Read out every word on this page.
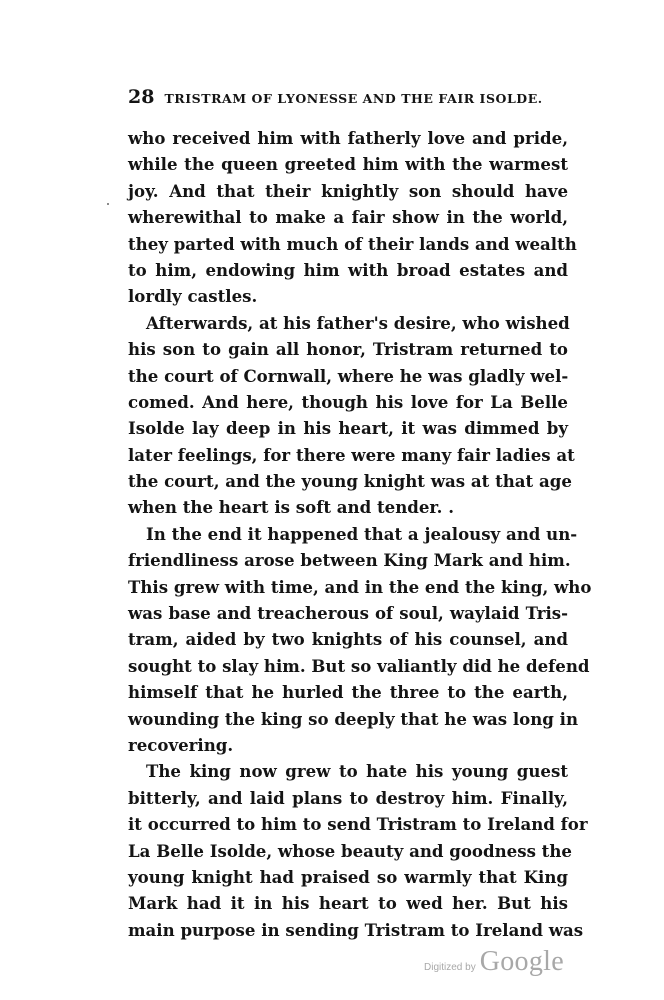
28 TRISTRAM OF LYONESSE AND THE FAIR ISOLDE.
who received him with fatherly love and pride,
while the queen greeted him with the warmest
joy. And that their knightly son should have
wherewithal to make a fair show in the world,
they parted with much of their lands and wealth
to him, endowing him with broad estates and
lordly castles.
Afterwards, at his father's desire, who wished
his son to gain all honor, Tristram returned to
the court of Cornwall, where he was gladly wel-
comed. And here, though his love for La Belle
Isolde lay deep in his heart, it was dimmed by
later feelings, for there were many fair ladies at
the court, and the young knight was at that age
when the heart is soft and tender. .
In the end it happened that a jealousy and un-
friendliness arose between King Mark and him.
This grew with time, and in the end the king, who
was base and treacherous of soul, waylaid Tris-
tram, aided by two knights of his counsel, and
sought to slay him. But so valiantly did he defend
himself that he hurled the three to the earth,
wounding the king so deeply that he was long in
recovering.
The king now grew to hate his young guest
bitterly, and laid plans to destroy him. Finally,
it occurred to him to send Tristram to Ireland for
La Belle Isolde, whose beauty and goodness the
young knight had praised so warmly that King
Mark had it in his heart to wed her. But his
main purpose in sending Tristram to Ireland was
Digitized by Google
